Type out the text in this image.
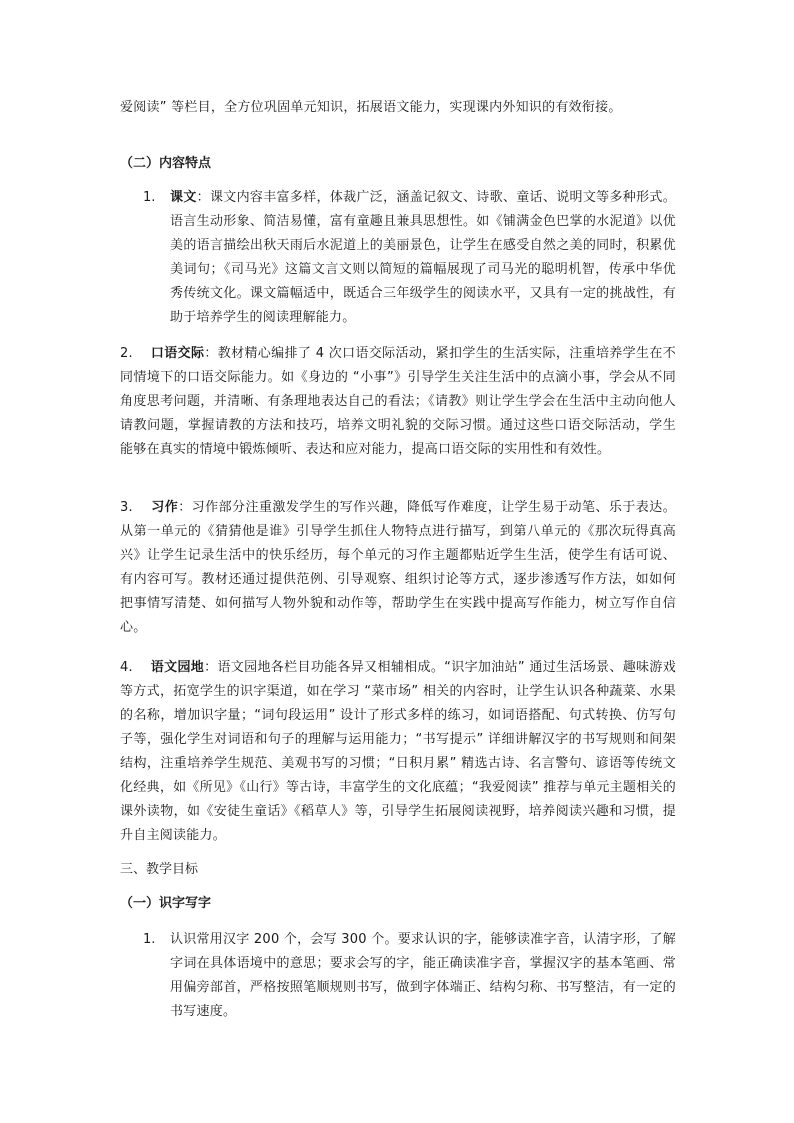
爱阅读” 等栏目，全方位巩固单元知识，拓展语文能力，实现课内外知识的有效衔接。

（二）内容特点

1. 课文：课文内容丰富多样，体裁广泛，涵盖记叙文、诗歌、童话、说明文等多种形式。语言生动形象、简洁易懂，富有童趣且兼具思想性。如《铺满金色巴掌的水泥道》以优美的语言描绘出秋天雨后水泥道上的美丽景色，让学生在感受自然之美的同时，积累优美词句；《司马光》这篇文言文则以简短的篇幅展现了司马光的聪明机智，传承中华优秀传统文化。课文篇幅适中，既适合三年级学生的阅读水平，又具有一定的挑战性，有助于培养学生的阅读理解能力。

2. 口语交际：教材精心编排了 4 次口语交际活动，紧扣学生的生活实际，注重培养学生在不同情境下的口语交际能力。如《身边的 “小事”》引导学生关注生活中的点滴小事，学会从不同角度思考问题，并清晰、有条理地表达自己的看法；《请教》则让学生学会在生活中主动向他人请教问题，掌握请教的方法和技巧，培养文明礼貌的交际习惯。通过这些口语交际活动，学生能够在真实的情境中锻炼倾听、表达和应对能力，提高口语交际的实用性和有效性。

3. 习作：习作部分注重激发学生的写作兴趣，降低写作难度，让学生易于动笔、乐于表达。从第一单元的《猜猜他是谁》引导学生抓住人物特点进行描写，到第八单元的《那次玩得真高兴》让学生记录生活中的快乐经历，每个单元的习作主题都贴近学生生活，使学生有话可说、有内容可写。教材还通过提供范例、引导观察、组织讨论等方式，逐步渗透写作方法，如如何把事情写清楚、如何描写人物外貌和动作等，帮助学生在实践中提高写作能力，树立写作自信心。

4. 语文园地：语文园地各栏目功能各异又相辅相成。“识字加油站” 通过生活场景、趣味游戏等方式，拓宽学生的识字渠道，如在学习 “菜市场” 相关的内容时，让学生认识各种蔬菜、水果的名称，增加识字量；“词句段运用” 设计了形式多样的练习，如词语搭配、句式转换、仿写句子等，强化学生对词语和句子的理解与运用能力；“书写提示” 详细讲解汉字的书写规则和间架结构，注重培养学生规范、美观书写的习惯；“日积月累” 精选古诗、名言警句、谚语等传统文化经典，如《所见》《山行》等古诗，丰富学生的文化底蕴；“我爱阅读” 推荐与单元主题相关的课外读物，如《安徒生童话》《稻草人》等，引导学生拓展阅读视野，培养阅读兴趣和习惯，提升自主阅读能力。

三、教学目标

（一）识字写字

1. 认识常用汉字 200 个，会写 300 个。要求认识的字，能够读准字音，认清字形，了解字词在具体语境中的意思；要求会写的字，能正确读准字音，掌握汉字的基本笔画、常用偏旁部首，严格按照笔顺规则书写，做到字体端正、结构匀称、书写整洁，有一定的书写速度。
